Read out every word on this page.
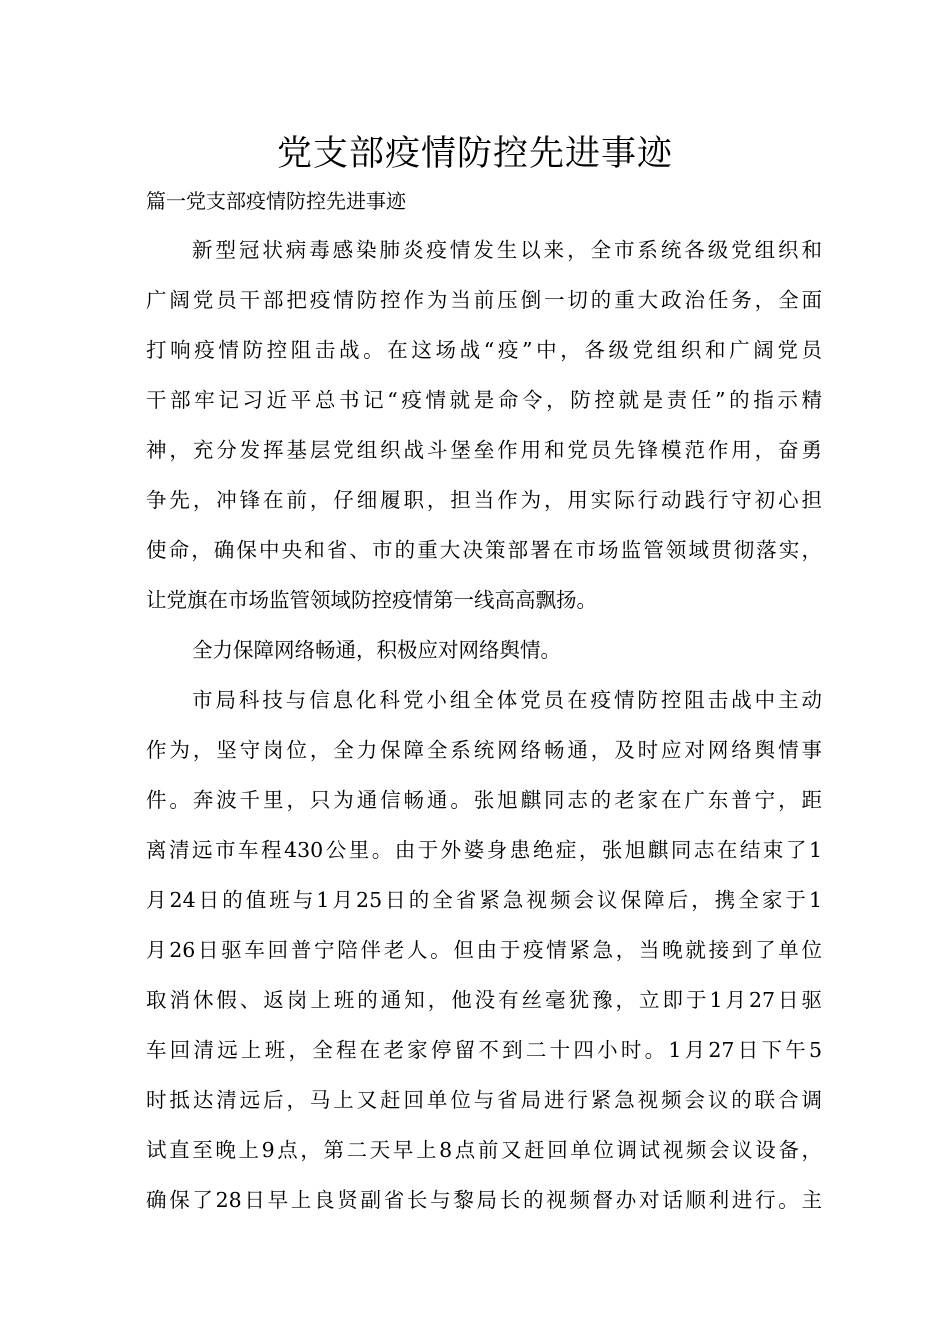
党支部疫情防控先进事迹

篇一党支部疫情防控先进事迹

新型冠状病毒感染肺炎疫情发生以来，全市系统各级党组织和

广阔党员干部把疫情防控作为当前压倒一切的重大政治任务，全面

打响疫情防控阻击战。在这场战“疫”中，各级党组织和广阔党员

干部牢记习近平总书记“疫情就是命令，防控就是责任”的指示精

神，充分发挥基层党组织战斗堡垒作用和党员先锋模范作用，奋勇

争先，冲锋在前，仔细履职，担当作为，用实际行动践行守初心担

使命，确保中央和省、市的重大决策部署在市场监管领域贯彻落实，

让党旗在市场监管领域防控疫情第一线高高飘扬。

全力保障网络畅通，积极应对网络舆情。

市局科技与信息化科党小组全体党员在疫情防控阻击战中主动

作为，坚守岗位，全力保障全系统网络畅通，及时应对网络舆情事

件。奔波千里，只为通信畅通。张旭麒同志的老家在广东普宁，距

离清远市车程430公里。由于外婆身患绝症，张旭麒同志在结束了1

月24日的值班与1月25日的全省紧急视频会议保障后，携全家于1

月26日驱车回普宁陪伴老人。但由于疫情紧急，当晚就接到了单位

取消休假、返岗上班的通知，他没有丝毫犹豫，立即于1月27日驱

车回清远上班，全程在老家停留不到二十四小时。1月27日下午5

时抵达清远后，马上又赶回单位与省局进行紧急视频会议的联合调

试直至晚上9点，第二天早上8点前又赶回单位调试视频会议设备，

确保了28日早上良贤副省长与黎局长的视频督办对话顺利进行。主
